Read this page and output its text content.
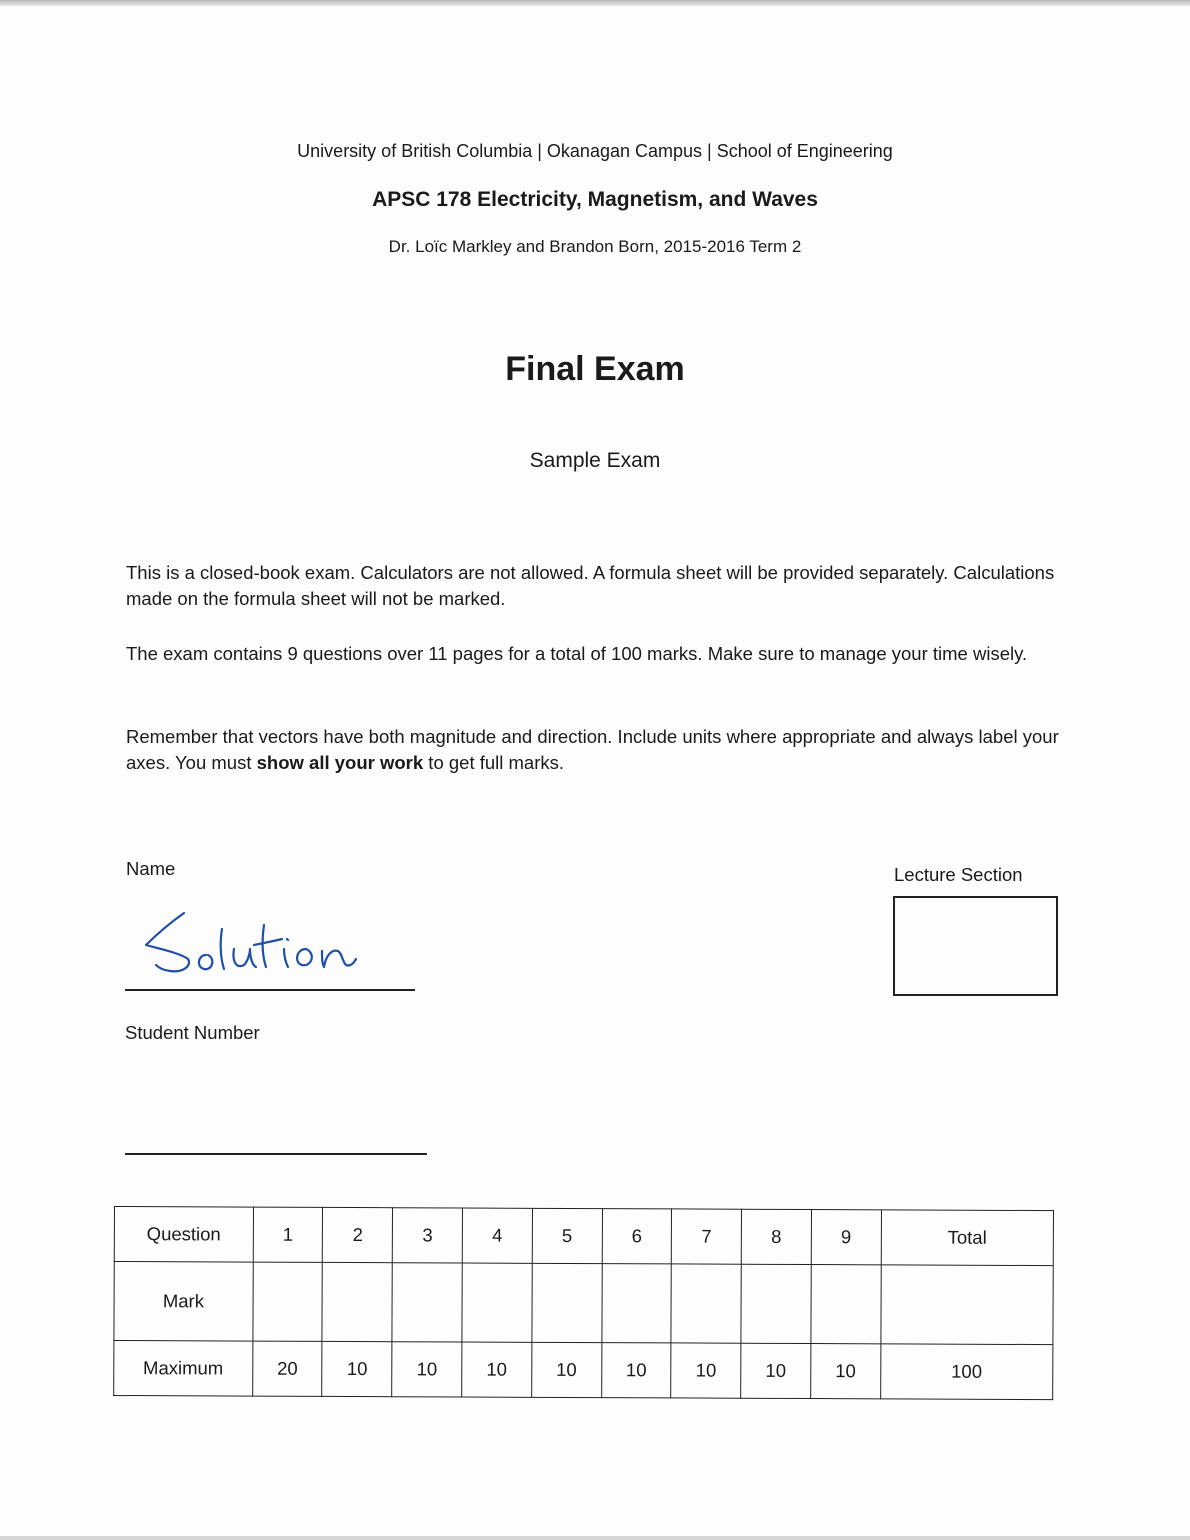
University of British Columbia | Okanagan Campus | School of Engineering
APSC 178 Electricity, Magnetism, and Waves
Dr. Loïc Markley and Brandon Born, 2015-2016 Term 2
Final Exam
Sample Exam
This is a closed-book exam. Calculators are not allowed. A formula sheet will be provided separately. Calculations made on the formula sheet will not be marked.
The exam contains 9 questions over 11 pages for a total of 100 marks. Make sure to manage your time wisely.
Remember that vectors have both magnitude and direction. Include units where appropriate and always label your axes. You must show all your work to get full marks.
Name
Student Number
Lecture Section
Question	1	2	3	4	5	6	7	8	9	Total
Mark										
Maximum	20	10	10	10	10	10	10	10	10	100
